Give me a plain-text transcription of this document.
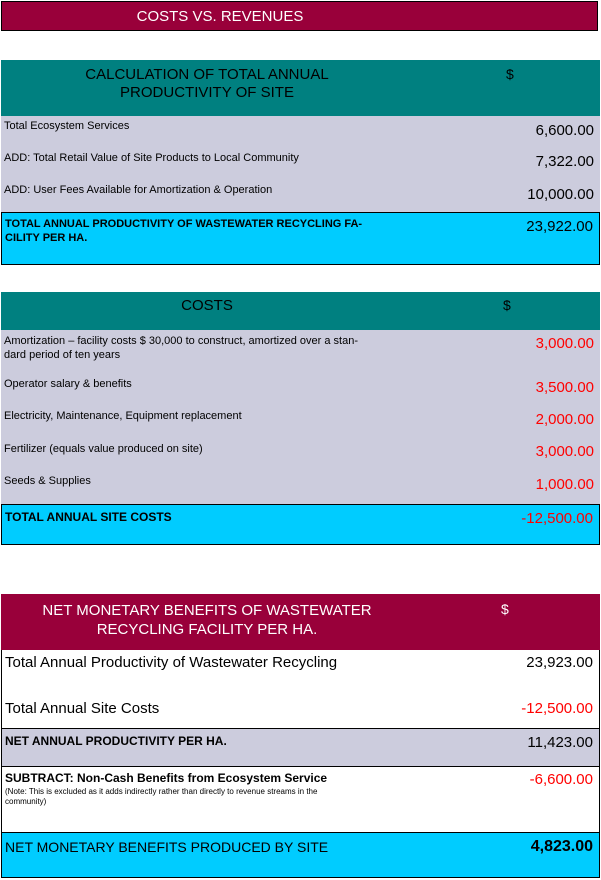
COSTS VS. REVENUES
CALCULATION OF TOTAL ANNUAL
PRODUCTIVITY OF SITE
$
Total Ecosystem Services	6,600.00
ADD: Total Retail Value of Site Products to Local Community	7,322.00
ADD: User Fees Available for Amortization & Operation	10,000.00
TOTAL ANNUAL PRODUCTIVITY OF WASTEWATER RECYCLING FA-
CILITY PER HA.
23,922.00
COSTS	$
Amortization – facility costs $ 30,000 to construct, amortized over a stan-
dard period of ten years
3,000.00
Operator salary & benefits	3,500.00
Electricity, Maintenance, Equipment replacement	2,000.00
Fertilizer (equals value produced on site)	3,000.00
Seeds & Supplies	1,000.00
TOTAL ANNUAL SITE COSTS	-12,500.00
NET MONETARY BENEFITS OF WASTEWATER
RECYCLING FACILITY PER HA.
$
Total Annual Productivity of Wastewater Recycling	23,923.00
Total Annual Site Costs	-12,500.00
NET ANNUAL PRODUCTIVITY PER HA.	11,423.00
SUBTRACT: Non-Cash Benefits from Ecosystem Service
(Note: This is excluded as it adds indirectly rather than directly to revenue streams in the
community)
-6,600.00
NET MONETARY BENEFITS PRODUCED BY SITE	4,823.00
